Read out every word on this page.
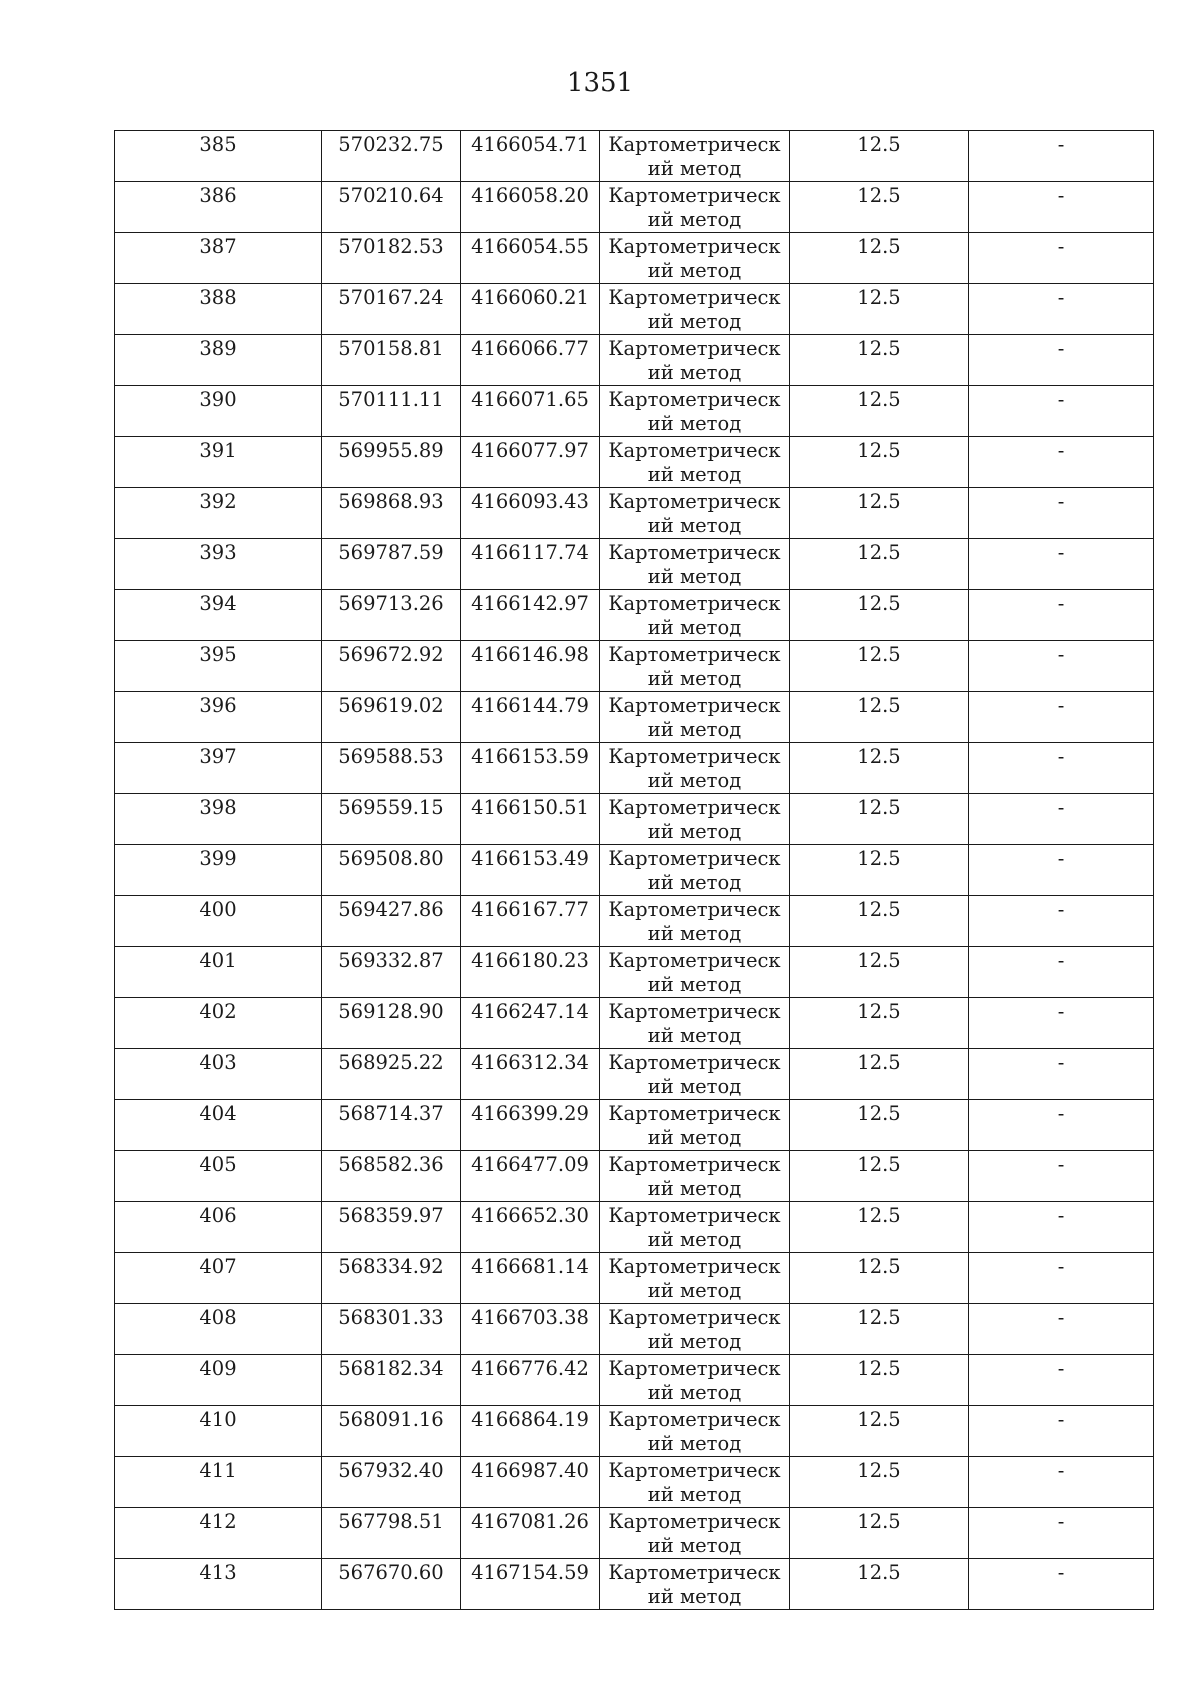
1351
385	570232.75	4166054.71	Картометрический метод	12.5	-

386	570210.64	4166058.20	Картометрический метод	12.5	-

387	570182.53	4166054.55	Картометрический метод	12.5	-

388	570167.24	4166060.21	Картометрический метод	12.5	-

389	570158.81	4166066.77	Картометрический метод	12.5	-

390	570111.11	4166071.65	Картометрический метод	12.5	-

391	569955.89	4166077.97	Картометрический метод	12.5	-

392	569868.93	4166093.43	Картометрический метод	12.5	-

393	569787.59	4166117.74	Картометрический метод	12.5	-

394	569713.26	4166142.97	Картометрический метод	12.5	-

395	569672.92	4166146.98	Картометрический метод	12.5	-

396	569619.02	4166144.79	Картометрический метод	12.5	-

397	569588.53	4166153.59	Картометрический метод	12.5	-

398	569559.15	4166150.51	Картометрический метод	12.5	-

399	569508.80	4166153.49	Картометрический метод	12.5	-

400	569427.86	4166167.77	Картометрический метод	12.5	-

401	569332.87	4166180.23	Картометрический метод	12.5	-

402	569128.90	4166247.14	Картометрический метод	12.5	-

403	568925.22	4166312.34	Картометрический метод	12.5	-

404	568714.37	4166399.29	Картометрический метод	12.5	-

405	568582.36	4166477.09	Картометрический метод	12.5	-

406	568359.97	4166652.30	Картометрический метод	12.5	-

407	568334.92	4166681.14	Картометрический метод	12.5	-

408	568301.33	4166703.38	Картометрический метод	12.5	-

409	568182.34	4166776.42	Картометрический метод	12.5	-

410	568091.16	4166864.19	Картометрический метод	12.5	-

411	567932.40	4166987.40	Картометрический метод	12.5	-

412	567798.51	4167081.26	Картометрический метод	12.5	-

413	567670.60	4167154.59	Картометрический метод	12.5	-
